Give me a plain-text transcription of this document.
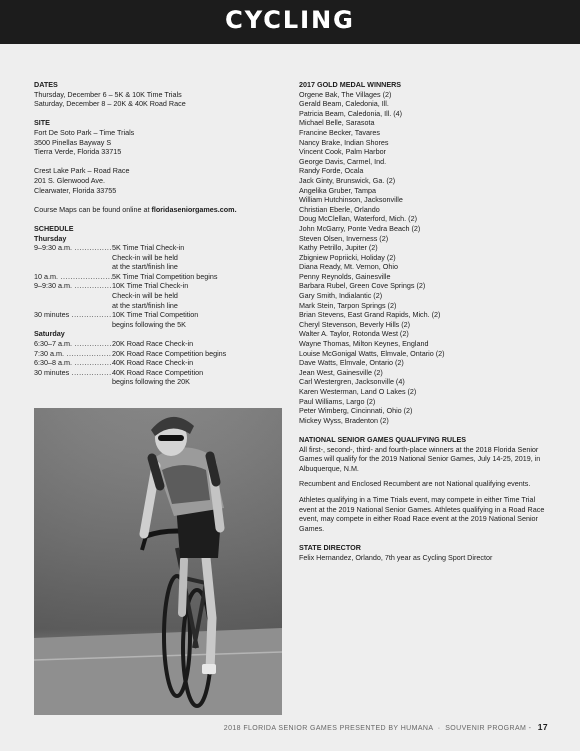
CYCLING

DATES

Thursday, December 6 – 5K & 10K Time Trials

Saturday, December 8 – 20K & 40K Road Race

SITE

Fort De Soto Park – Time Trials

3500 Pinellas Bayway S

Tierra Verde, Florida 33715

Crest Lake Park – Road Race

201 S. Glenwood Ave.

Clearwater, Florida 33755

Course Maps can be found online at floridaseniorgames.com.

SCHEDULE

Thursday

9–9:30 a.m. .....	5K Time Trial Check-in
Check-in will be held
at the start/finish line
10 a.m. .....	5K Time Trial Competition begins
9–9:30 a.m. .....	10K Time Trial Check-in
Check-in will be held
at the start/finish line
30 minutes .....	10K Time Trial Competition
begins following the 5K

Saturday

6:30–7 a.m. .....	20K Road Race Check-in
7:30 a.m. .....	20K Road Race Competition begins
6:30–8 a.m. .....	40K Road Race Check-in
30 minutes .....	40K Road Race Competition
begins following the 20K

2017 GOLD MEDAL WINNERS

Orgene Bak, The Villages (2)

Gerald Beam, Caledonia, Ill.

Patricia Beam, Caledonia, Ill. (4)

Michael Belle, Sarasota

Francine Becker, Tavares

Nancy Brake, Indian Shores

Vincent Cook, Palm Harbor

George Davis, Carmel, Ind.

Randy Forde, Ocala

Jack Ginty, Brunswick, Ga. (2)

Angelika Gruber, Tampa

William Hutchinson, Jacksonville

Christian Eberle, Orlando

Doug McClellan, Waterford, Mich. (2)

John McGarry, Ponte Vedra Beach (2)

Steven Olsen, Inverness (2)

Kathy Petrillo, Jupiter (2)

Zbigniew Popriicki, Holiday (2)

Diana Ready, Mt. Vernon, Ohio

Penny Reynolds, Gainesville

Barbara Rubel, Green Cove Springs (2)

Gary Smith, Indialantic (2)

Mark Stein, Tarpon Springs (2)

Brian Stevens, East Grand Rapids, Mich. (2)

Cheryl Stevenson, Beverly Hills (2)

Walter A. Taylor, Rotonda West (2)

Wayne Thomas, Milton Keynes, England

Louise McGonigal Watts, Elmvale, Ontario (2)

Dave Watts, Elmvale, Ontario (2)

Jean West, Gainesville (2)

Carl Westergren, Jacksonville (4)

Karen Westerman, Land O Lakes (2)

Paul Williams, Largo (2)

Peter Wimberg, Cincinnati, Ohio (2)

Mickey Wyss, Bradenton (2)

NATIONAL SENIOR GAMES QUALIFYING RULES

All first-, second-, third- and fourth-place winners at the 2018 Florida Senior Games will qualify for the 2019 National Senior Games, July 14-25, 2019, in Albuquerque, N.M.

Recumbent and Enclosed Recumbent are not National qualifying events.

Athletes qualifying in a Time Trials event, may compete in either Time Trial event at the 2019 National Senior Games. Athletes qualifying in a Road Race event, may compete in either Road Race event at the 2019 National Senior Games.

STATE DIRECTOR

Felix Hernandez, Orlando, 7th year as Cycling Sport Director

2018 FLORIDA SENIOR GAMES PRESENTED BY HUMANA · SOUVENIR PROGRAM - 17
